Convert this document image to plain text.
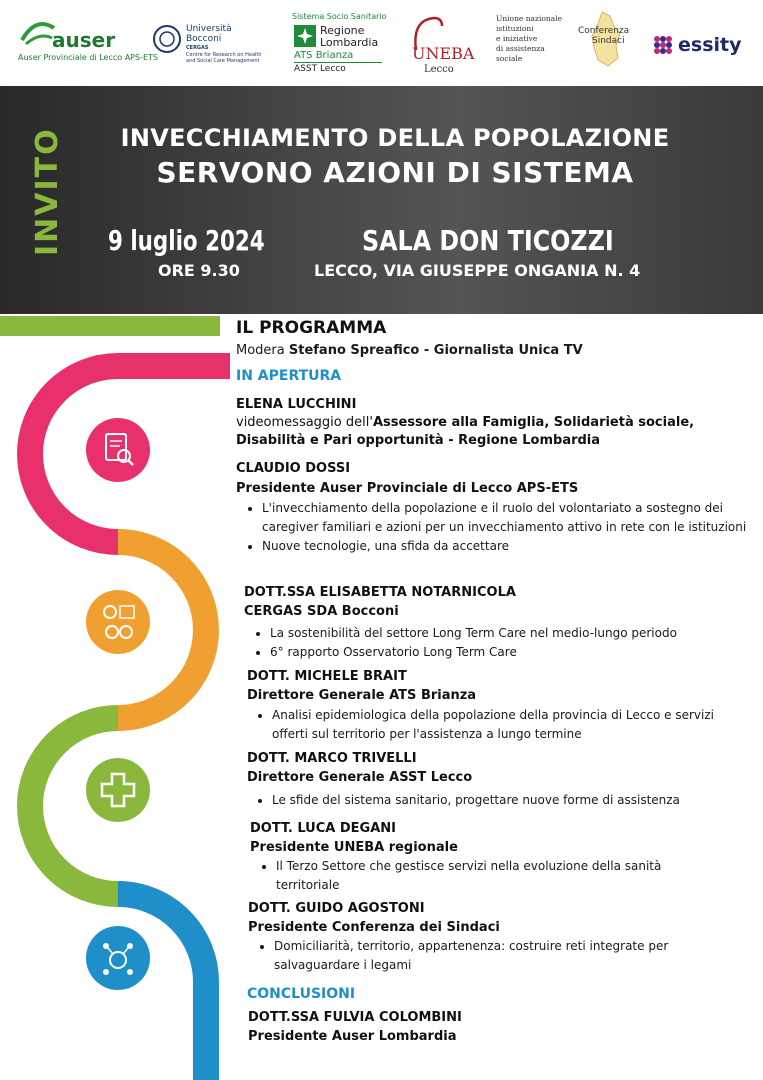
auser
Auser Provinciale di Lecco APS-ETS
Università
Bocconi
CERGAS
Centre for Research on Health
and Social Care Management
Sistema Socio Sanitario
Regione
Lombardia
ATS Brianza
ASST Lecco
UNEBA
Lecco
Unione nazionale
istituzioni
e iniziative
di assistenza
sociale
Conferenza
Sindaci	essity
INVITO	INVECCHIAMENTO DELLA POPOLAZIONE
SERVONO AZIONI DI SISTEMA
9 luglio 2024
ORE 9.30
SALA DON TICOZZI
LECCO, VIA GIUSEPPE ONGANIA N. 4
IL PROGRAMMA
Modera Stefano Spreafico - Giornalista Unica TV
IN APERTURA
ELENA LUCCHINI
videomessaggio dell'Assessore alla Famiglia, Solidarietà sociale,
Disabilità e Pari opportunità - Regione Lombardia
CLAUDIO DOSSI
Presidente Auser Provinciale di Lecco APS-ETS
• L'invecchiamento della popolazione e il ruolo del volontariato a sostegno dei caregiver familiari e azioni per un invecchiamento attivo in rete con le istituzioni
• Nuove tecnologie, una sfida da accettare
DOTT.SSA ELISABETTA NOTARNICOLA
CERGAS SDA Bocconi
• La sostenibilità del settore Long Term Care nel medio-lungo periodo
• 6° rapporto Osservatorio Long Term Care
DOTT. MICHELE BRAIT
Direttore Generale ATS Brianza
• Analisi epidemiologica della popolazione della provincia di Lecco e servizi offerti sul territorio per l'assistenza a lungo termine
DOTT. MARCO TRIVELLI
Direttore Generale ASST Lecco
• Le sfide del sistema sanitario, progettare nuove forme di assistenza
DOTT. LUCA DEGANI
Presidente UNEBA regionale
• Il Terzo Settore che gestisce servizi nella evoluzione della sanità territoriale
DOTT. GUIDO AGOSTONI
Presidente Conferenza dei Sindaci
• Domiciliarità, territorio, appartenenza: costruire reti integrate per salvaguardare i legami
CONCLUSIONI
DOTT.SSA FULVIA COLOMBINI
Presidente Auser Lombardia
